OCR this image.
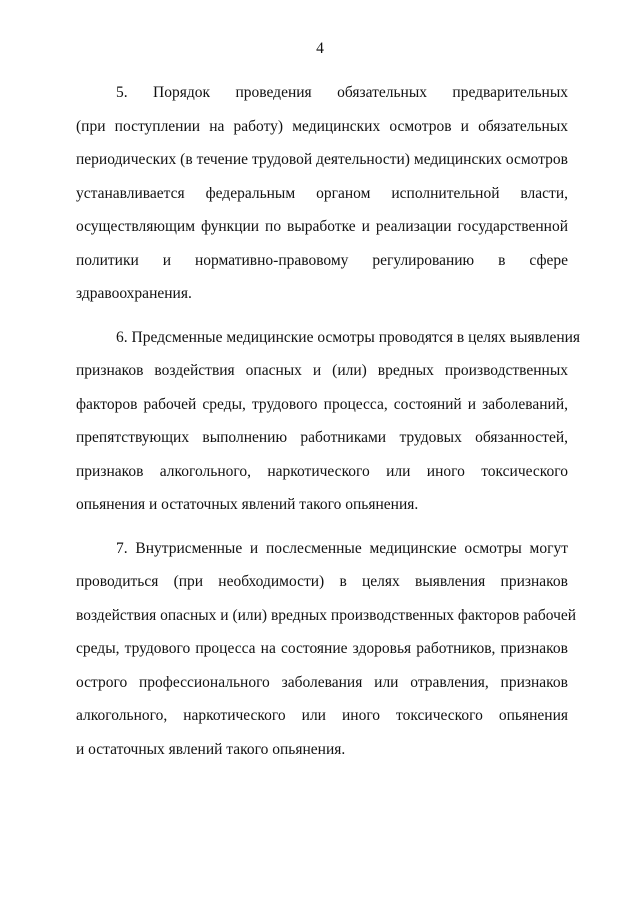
4

5. Порядок проведения обязательных предварительных
(при поступлении на работу) медицинских осмотров и обязательных
периодических (в течение трудовой деятельности) медицинских осмотров
устанавливается федеральным органом исполнительной власти,
осуществляющим функции по выработке и реализации государственной
политики и нормативно-правовому регулированию в сфере
здравоохранения.

6. Предсменные медицинские осмотры проводятся в целях выявления
признаков воздействия опасных и (или) вредных производственных
факторов рабочей среды, трудового процесса, состояний и заболеваний,
препятствующих выполнению работниками трудовых обязанностей,
признаков алкогольного, наркотического или иного токсического
опьянения и остаточных явлений такого опьянения.

7. Внутрисменные и послесменные медицинские осмотры могут
проводиться (при необходимости) в целях выявления признаков
воздействия опасных и (или) вредных производственных факторов рабочей
среды, трудового процесса на состояние здоровья работников, признаков
острого профессионального заболевания или отравления, признаков
алкогольного, наркотического или иного токсического опьянения
и остаточных явлений такого опьянения.
